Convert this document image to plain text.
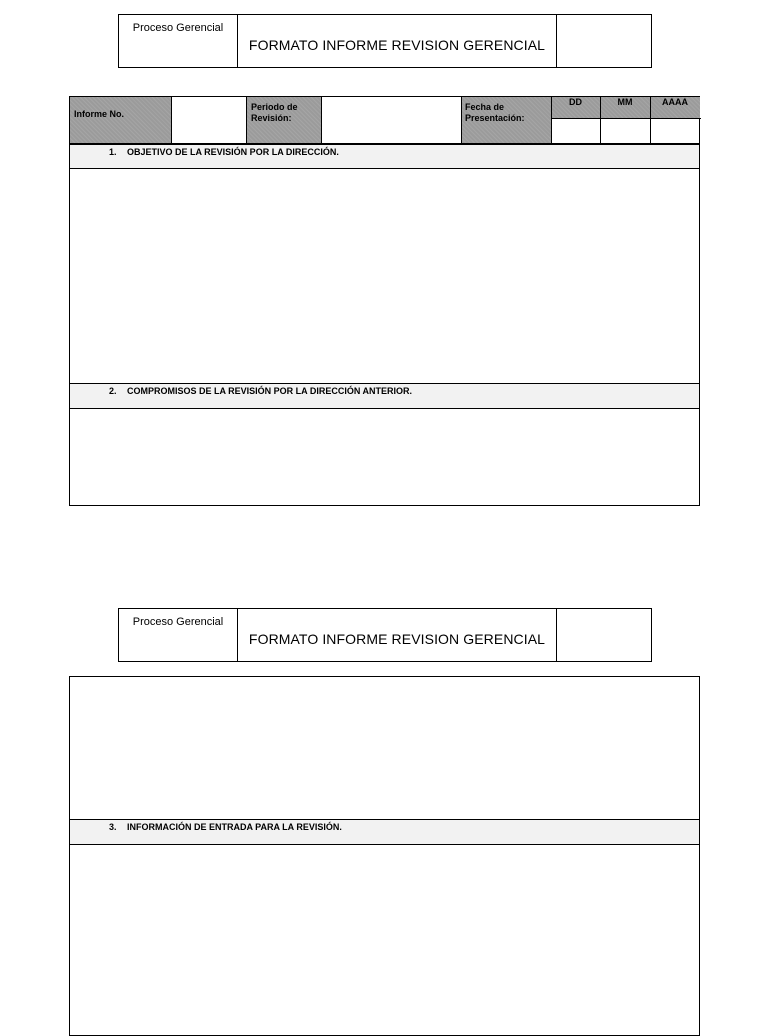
Proceso Gerencial
FORMATO INFORME REVISION GERENCIAL
Informe No.
Periodo de Revisión:
Fecha de Presentación:
DD	MM	AAAA
1. OBJETIVO DE LA REVISIÓN POR LA DIRECCIÓN.
2. COMPROMISOS DE LA REVISIÓN POR LA DIRECCIÓN ANTERIOR.
Proceso Gerencial
FORMATO INFORME REVISION GERENCIAL
3. INFORMACIÓN DE ENTRADA PARA LA REVISIÓN.
